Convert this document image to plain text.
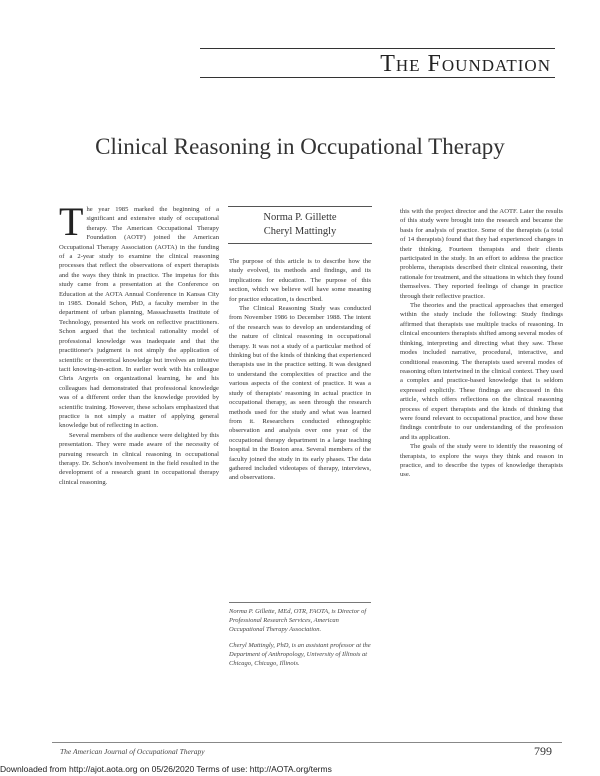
The Foundation
Clinical Reasoning in Occupational Therapy

The year 1985 marked the beginning of a significant and extensive study of occupational therapy. The American Occupational Therapy Foundation (AOTF) joined the American Occupational Therapy Association (AOTA) in the funding of a 2-year study to examine the clinical reasoning processes that reflect the observations of expert therapists and the ways they think in practice. The impetus for this study came from a presentation at the Conference on Education at the AOTA Annual Conference in Kansas City in 1985. Donald Schon, PhD, a faculty member in the department of urban planning, Massachusetts Institute of Technology, presented his work on reflective practitioners. Schon argued that the technical rationality model of professional knowledge was inadequate and that the practitioner's judgment is not simply the application of scientific or theoretical knowledge but involves an intuitive tacit knowing-in-action. In earlier work with his colleague Chris Argyris on organizational learning, he and his colleagues had demonstrated that professional knowledge was of a different order than the knowledge provided by scientific training. However, these scholars emphasized that practice is not simply a matter of applying general knowledge but of reflecting in action.

Several members of the audience were delighted by this presentation. They were made aware of the necessity of pursuing research in clinical reasoning in occupational therapy. Dr. Schon's involvement in the field resulted in the development of a research grant in occupational therapy clinical reasoning.

Norma P. Gillette
Cheryl Mattingly

The purpose of this article is to describe how the study evolved, its methods and findings, and its implications for education. The purpose of this section, which we believe will have some meaning for practice education, is described.

The Clinical Reasoning Study was conducted from November 1986 to December 1988. The intent of the research was to develop an understanding of the nature of clinical reasoning in occupational therapy. It was not a study of a particular method of thinking but of the kinds of thinking that experienced therapists use in the practice setting. It was designed to understand the complexities of practice and the various aspects of the context of practice. It was a study of therapists' reasoning in actual practice in occupational therapy, as seen through the research methods used for the study and what was learned from it. Researchers conducted ethnographic observation and analysis over one year of the occupational therapy department in a large teaching hospital in the Boston area. Several members of the faculty joined the study in its early phases. The data gathered included videotapes of therapy, interviews, and observations.

Norma P. Gillette, MEd, OTR, FAOTA, is Director of Professional Research Services, American Occupational Therapy Association.

Cheryl Mattingly, PhD, is an assistant professor at the Department of Anthropology, University of Illinois at Chicago, Chicago, Illinois.

this with the project director and the AOTF. Later the results of this study were brought into the research and became the basis for analysis of practice. Some of the therapists (a total of 14 therapists) found that they had experienced changes in their thinking. Fourteen therapists and their clients participated in the study. In an effort to address the practice problems, therapists described their clinical reasoning, their rationale for treatment, and the situations in which they found themselves. They reported feelings of change in practice through their reflective practice.

The theories and the practical approaches that emerged within the study include the following: Study findings affirmed that therapists use multiple tracks of reasoning. In clinical encounters therapists shifted among several modes of thinking, interpreting and directing what they saw. These modes included narrative, procedural, interactive, and conditional reasoning. The therapists used several modes of reasoning often intertwined in the clinical context. They used a complex and practice-based knowledge that is seldom expressed explicitly. These findings are discussed in this article, which offers reflections on the clinical reasoning process of expert therapists and the kinds of thinking that were found relevant to occupational practice, and how these findings contribute to our understanding of the profession and its application.

The goals of the study were to identify the reasoning of therapists, to explore the ways they think and reason in practice, and to describe the types of knowledge therapists use.

The American Journal of Occupational Therapy	799
Downloaded from http://ajot.aota.org on 05/26/2020 Terms of use: http://AOTA.org/terms
